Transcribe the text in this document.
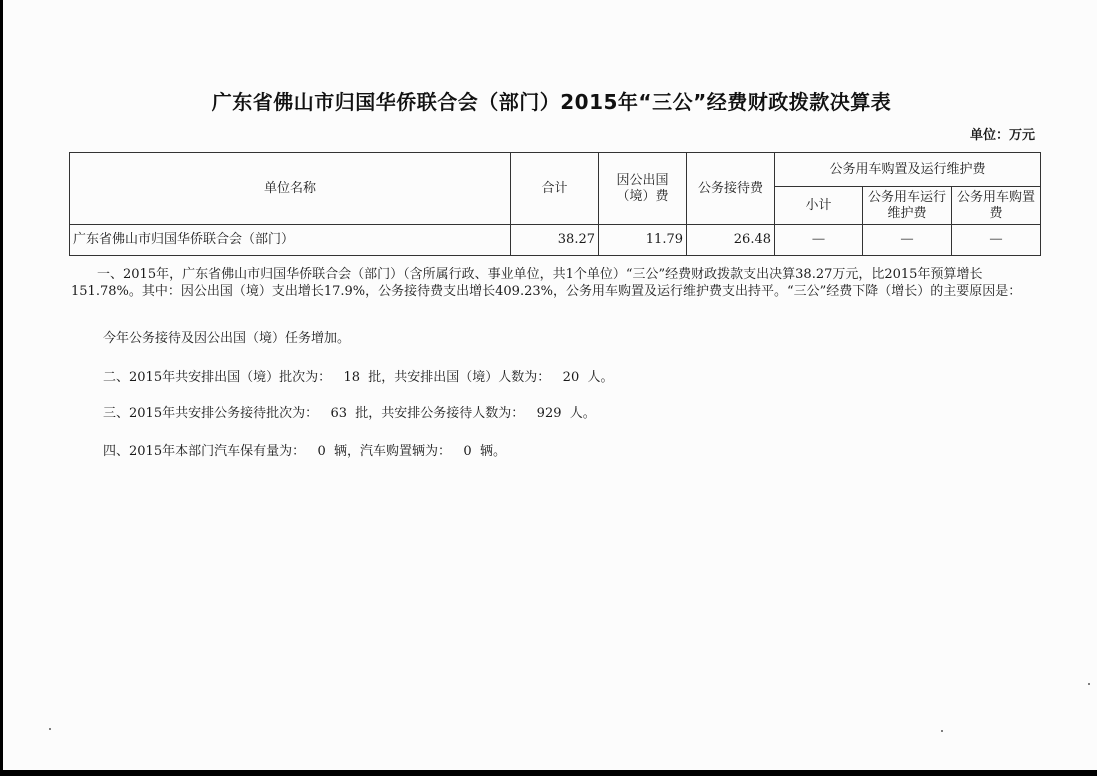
广东省佛山市归国华侨联合会（部门）2015年“三公”经费财政拨款决算表
单位：万元
单位名称	合计	因公出国（境）费	公务接待费	公务用车购置及运行维护费		
				小计	公务用车运行维护费	公务用车购置费
广东省佛山市归国华侨联合会（部门）	38.27	11.79	26.48	－	－	－
一、2015年，广东省佛山市归国华侨联合会（部门）（含所属行政、事业单位，共1个单位）“三公”经费财政拨款支出决算38.27万元，比2015年预算增长151.78%。其中：因公出国（境）支出增长17.9%，公务接待费支出增长409.23%，公务用车购置及运行维护费支出持平。“三公”经费下降（增长）的主要原因是：
今年公务接待及因公出国（境）任务增加。
二、2015年共安排出国（境）批次为：   18  批，共安排出国（境）人数为：   20  人。
三、2015年共安排公务接待批次为：   63  批，共安排公务接待人数为：   929  人。
四、2015年本部门汽车保有量为：   0  辆，汽车购置辆为：   0  辆。
